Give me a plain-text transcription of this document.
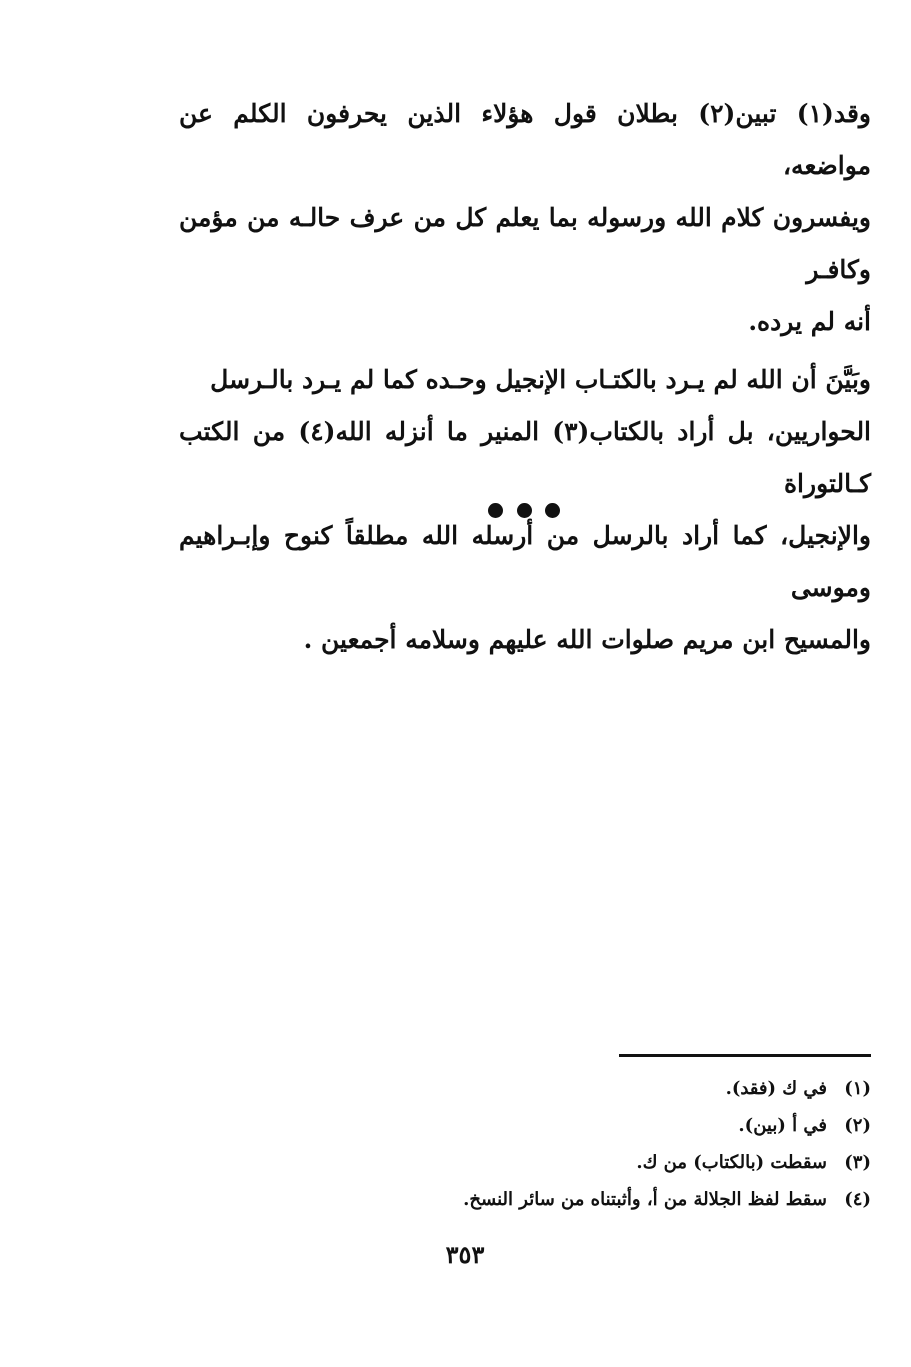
وقد(١) تبين(٢) بطلان قول هؤلاء الذين يحرفون الكلم عن مواضعه،

ويفسرون كلام الله ورسوله بما يعلم كل من عرف حالـه من مؤمن وكافـر

أنه لم يرده.

وبَيَّنَ أن الله لم يـرد بالكتـاب الإنجيل وحـده كما لم يـرد بالـرسل

الحواريين، بل أراد بالكتاب(٣) المنير ما أنزله الله(٤) من الكتب كـالتوراة

والإنجيل، كما أراد بالرسل من أرسله الله مطلقاً كنوح وإبـراهيم وموسى

والمسيح ابن مريم صلوات الله عليهم وسلامه أجمعين .

(١)
في ك (فقد).
(٢)
في أ (بين).
(٣)
سقطت (بالكتاب) من ك.
(٤)
سقط لفظ الجلالة من أ، وأثبتناه من سائر النسخ.
٣٥٣
